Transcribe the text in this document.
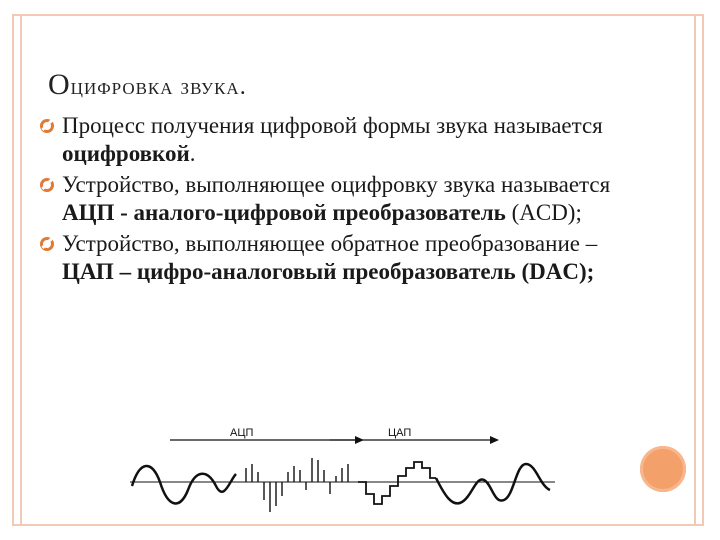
Оцифровка звука.
Процесс получения цифровой формы звука называется оцифровкой.
Устройство, выполняющее оцифровку звука называется АЦП - аналого-цифровой преобразователь (ACD);
Устройство, выполняющее обратное преобразование – ЦАП – цифро-аналоговый преобразователь (DAC);
АЦП	ЦАП
